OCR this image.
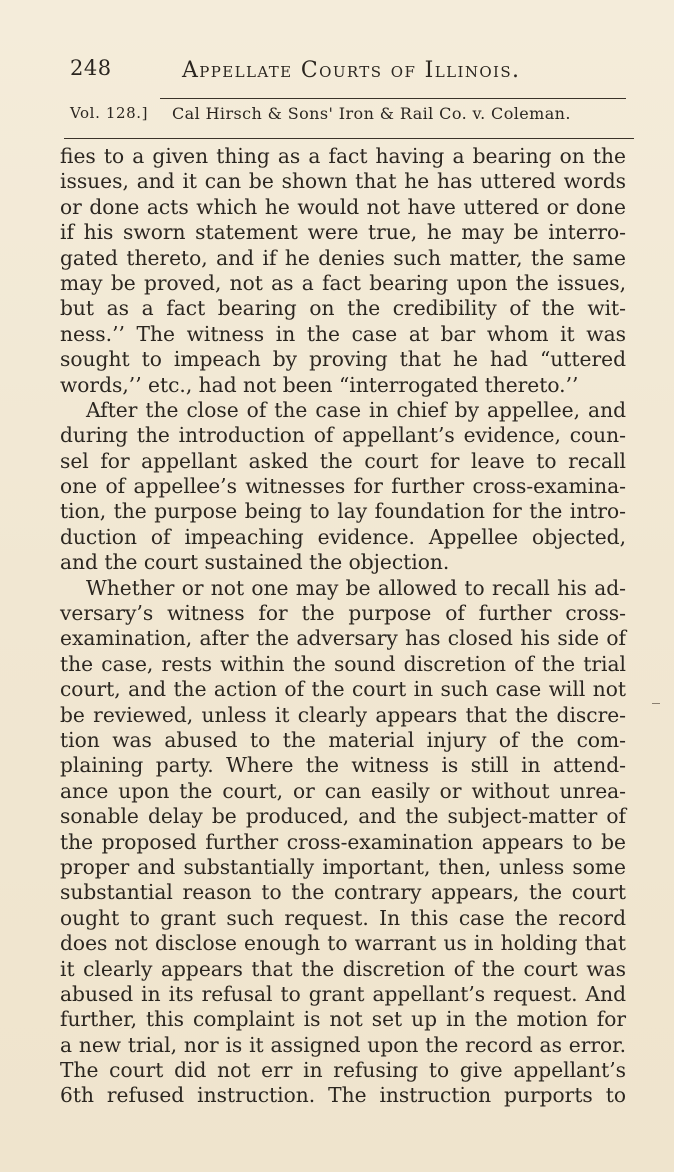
248	Appellate Courts of Illinois.
Vol. 128.] Cal Hirsch & Sons' Iron & Rail Co. v. Coleman.
fies to a given thing as a fact having a bearing on the
issues, and it can be shown that he has uttered words
or done acts which he would not have uttered or done
if his sworn statement were true, he may be interro-
gated thereto, and if he denies such matter, the same
may be proved, not as a fact bearing upon the issues,
but as a fact bearing on the credibility of the wit-
ness.’’ The witness in the case at bar whom it was
sought to impeach by proving that he had “uttered
words,’’ etc., had not been “interrogated thereto.’’
After the close of the case in chief by appellee, and
during the introduction of appellant’s evidence, coun-
sel for appellant asked the court for leave to recall
one of appellee’s witnesses for further cross-examina-
tion, the purpose being to lay foundation for the intro-
duction of impeaching evidence. Appellee objected,
and the court sustained the objection.
Whether or not one may be allowed to recall his ad-
versary’s witness for the purpose of further cross-
examination, after the adversary has closed his side of
the case, rests within the sound discretion of the trial
court, and the action of the court in such case will not
be reviewed, unless it clearly appears that the discre-
tion was abused to the material injury of the com-
plaining party. Where the witness is still in attend-
ance upon the court, or can easily or without unrea-
sonable delay be produced, and the subject-matter of
the proposed further cross-examination appears to be
proper and substantially important, then, unless some
substantial reason to the contrary appears, the court
ought to grant such request. In this case the record
does not disclose enough to warrant us in holding that
it clearly appears that the discretion of the court was
abused in its refusal to grant appellant’s request. And
further, this complaint is not set up in the motion for
a new trial, nor is it assigned upon the record as error.
The court did not err in refusing to give appellant’s
6th refused instruction. The instruction purports to
